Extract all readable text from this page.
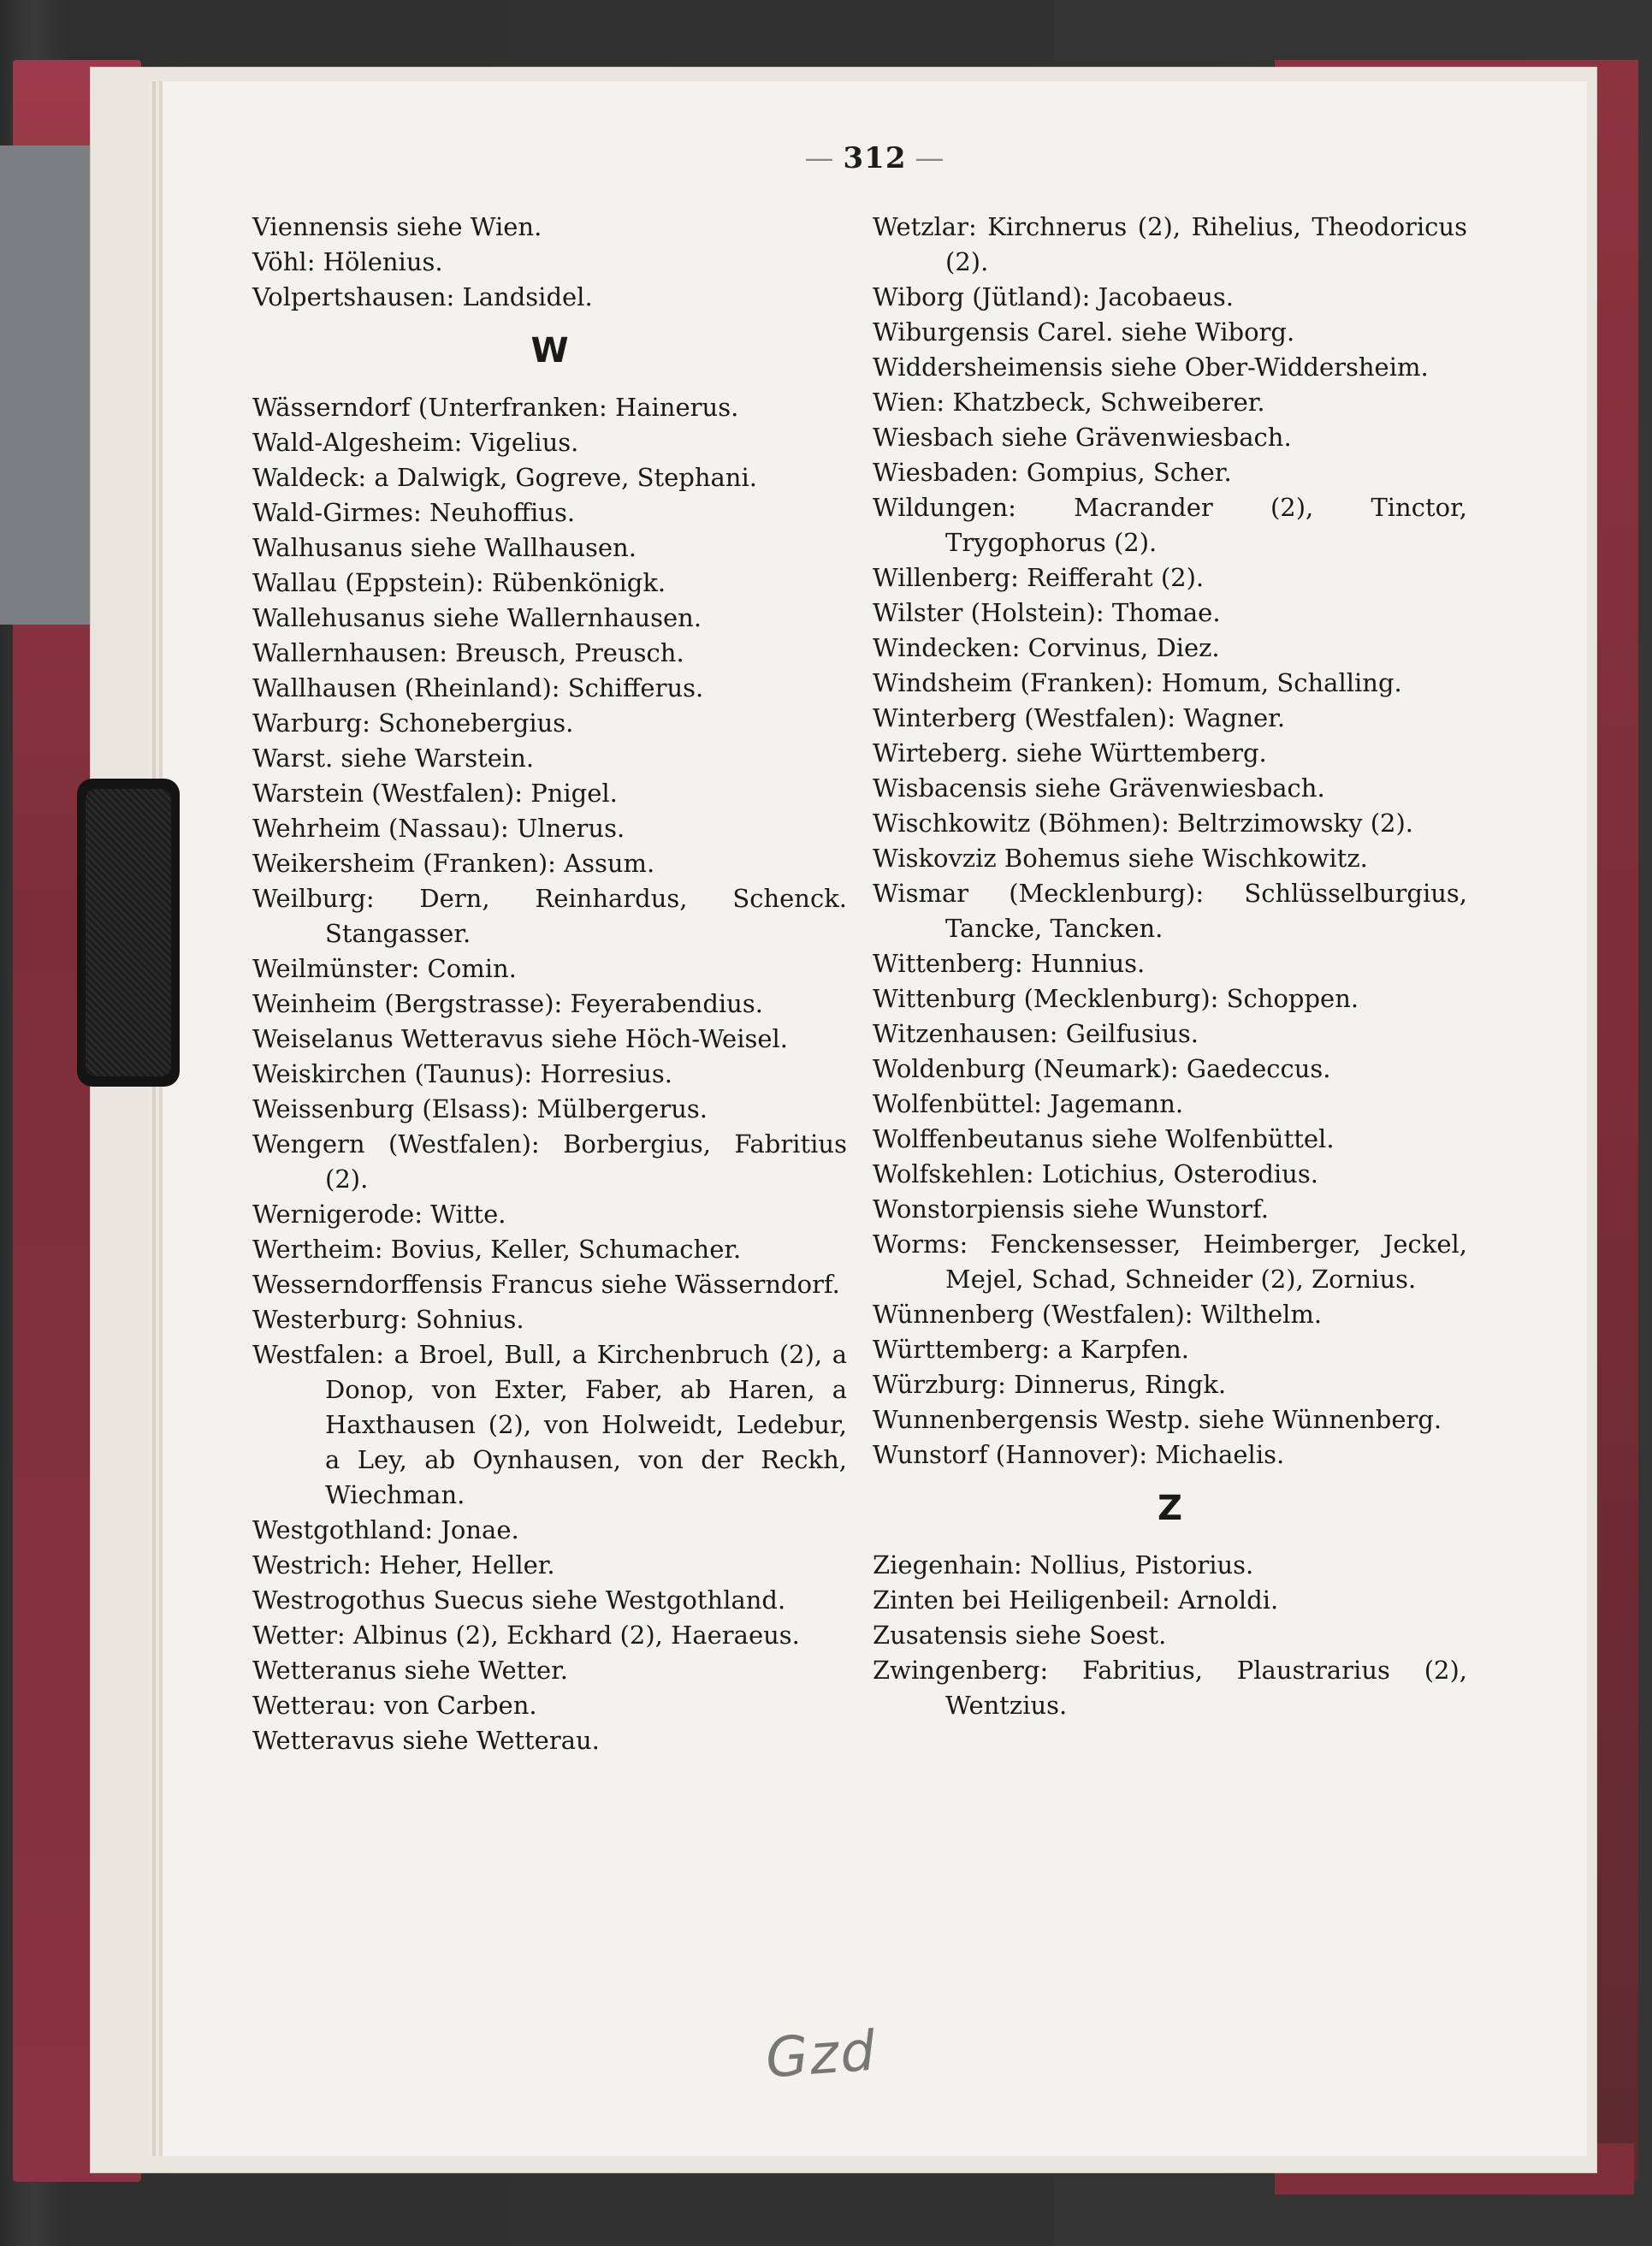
— 312 —

Viennensis siehe Wien.

Vöhl: Hölenius.

Volpertshausen: Landsidel.

W

Wässerndorf (Unterfranken: Hainerus.

Wald-Algesheim: Vigelius.

Waldeck: a Dalwigk, Gogreve, Stephani.

Wald-Girmes: Neuhoffius.

Walhusanus siehe Wallhausen.

Wallau (Eppstein): Rübenkönigk.

Wallehusanus siehe Wallernhausen.

Wallernhausen: Breusch, Preusch.

Wallhausen (Rheinland): Schifferus.

Warburg: Schonebergius.

Warst. siehe Warstein.

Warstein (Westfalen): Pnigel.

Wehrheim (Nassau): Ulnerus.

Weikersheim (Franken): Assum.

Weilburg: Dern, Reinhardus, Schenck. Stangasser.

Weilmünster: Comin.

Weinheim (Bergstrasse): Feyerabendius.

Weiselanus Wetteravus siehe Höch-Weisel.

Weiskirchen (Taunus): Horresius.

Weissenburg (Elsass): Mülbergerus.

Wengern (Westfalen): Borbergius, Fabritius (2).

Wernigerode: Witte.

Wertheim: Bovius, Keller, Schumacher.

Wesserndorffensis Francus siehe Wässerndorf.

Westerburg: Sohnius.

Westfalen: a Broel, Bull, a Kirchenbruch (2), a Donop, von Exter, Faber, ab Haren, a Haxthausen (2), von Holweidt, Ledebur, a Ley, ab Oynhausen, von der Reckh, Wiechman.

Westgothland: Jonae.

Westrich: Heher, Heller.

Westrogothus Suecus siehe Westgothland.

Wetter: Albinus (2), Eckhard (2), Haeraeus.

Wetteranus siehe Wetter.

Wetterau: von Carben.

Wetteravus siehe Wetterau.

Wetzlar: Kirchnerus (2), Rihelius, Theodoricus (2).

Wiborg (Jütland): Jacobaeus.

Wiburgensis Carel. siehe Wiborg.

Widdersheimensis siehe Ober-Widdersheim.

Wien: Khatzbeck, Schweiberer.

Wiesbach siehe Grävenwiesbach.

Wiesbaden: Gompius, Scher.

Wildungen: Macrander (2), Tinctor, Trygophorus (2).

Willenberg: Reifferaht (2).

Wilster (Holstein): Thomae.

Windecken: Corvinus, Diez.

Windsheim (Franken): Homum, Schalling.

Winterberg (Westfalen): Wagner.

Wirteberg. siehe Württemberg.

Wisbacensis siehe Grävenwiesbach.

Wischkowitz (Böhmen): Beltrzimowsky (2).

Wiskovziz Bohemus siehe Wischkowitz.

Wismar (Mecklenburg): Schlüsselburgius, Tancke, Tancken.

Wittenberg: Hunnius.

Wittenburg (Mecklenburg): Schoppen.

Witzenhausen: Geilfusius.

Woldenburg (Neumark): Gaedeccus.

Wolfenbüttel: Jagemann.

Wolffenbeutanus siehe Wolfenbüttel.

Wolfskehlen: Lotichius, Osterodius.

Wonstorpiensis siehe Wunstorf.

Worms: Fenckensesser, Heimberger, Jeckel, Mejel, Schad, Schneider (2), Zornius.

Wünnenberg (Westfalen): Wilthelm.

Württemberg: a Karpfen.

Würzburg: Dinnerus, Ringk.

Wunnenbergensis Westp. siehe Wünnenberg.

Wunstorf (Hannover): Michaelis.

Z

Ziegenhain: Nollius, Pistorius.

Zinten bei Heiligenbeil: Arnoldi.

Zusatensis siehe Soest.

Zwingenberg: Fabritius, Plaustrarius (2), Wentzius.

Gzd
